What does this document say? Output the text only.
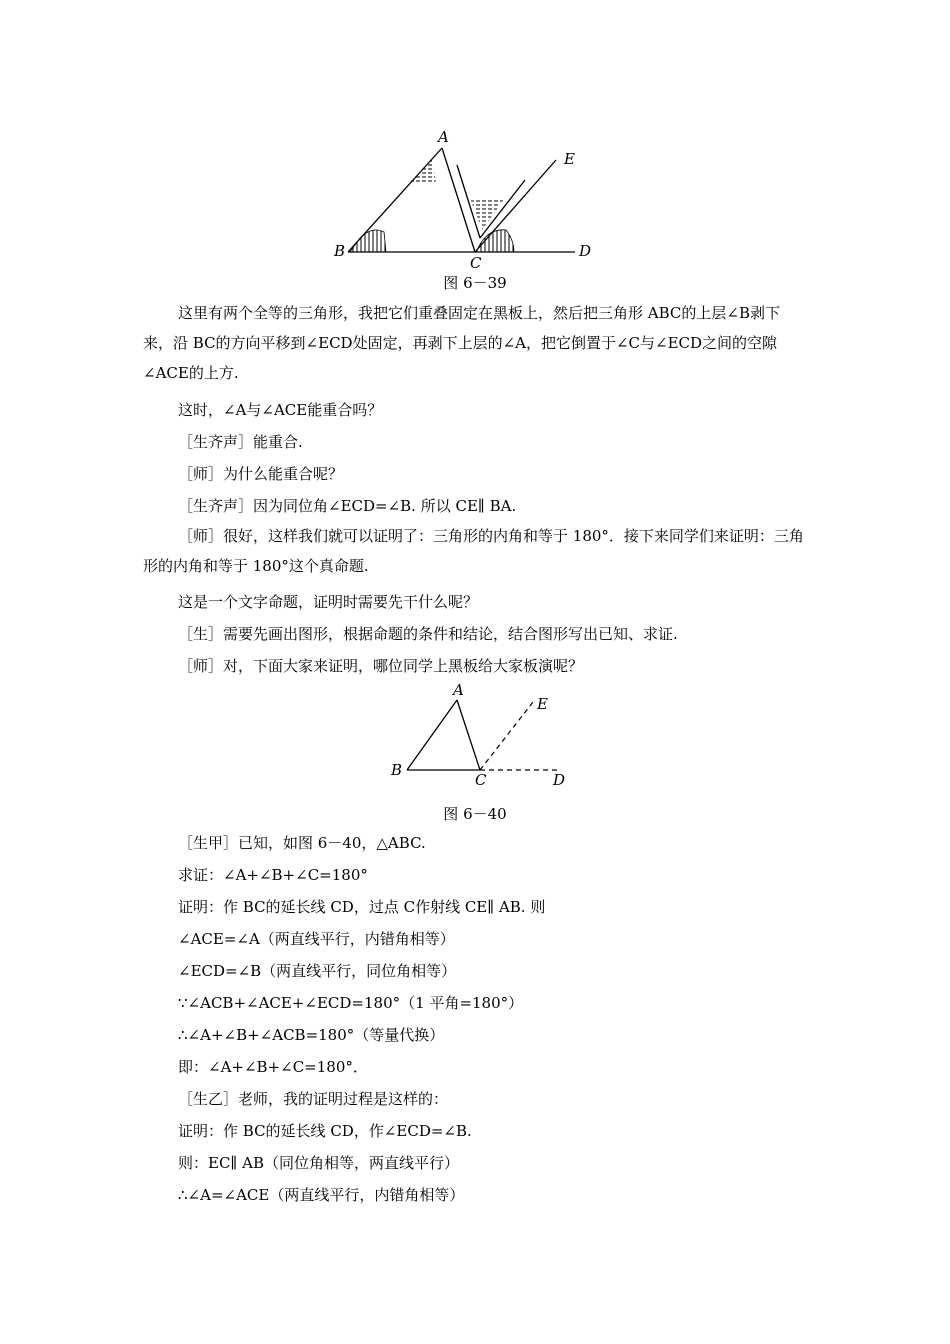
A
B
C
D
E
图 6－39
这里有两个全等的三角形，我把它们重叠固定在黑板上，然后把三角形 ABC的上层∠B剥下来，沿 BC的方向平移到∠ECD处固定，再剥下上层的∠A，把它倒置于∠C与∠ECD之间的空隙∠ACE的上方.
这时，∠A与∠ACE能重合吗？
［生齐声］能重合.
［师］为什么能重合呢？
［生齐声］因为同位角∠ECD=∠B. 所以 CE∥ BA.
［师］很好，这样我们就可以证明了：三角形的内角和等于 180°．接下来同学们来证明：三角形的内角和等于 180°这个真命题.
这是一个文字命题，证明时需要先干什么呢？
［生］需要先画出图形，根据命题的条件和结论，结合图形写出已知、求证.
［师］对，下面大家来证明，哪位同学上黑板给大家板演呢？
A
B
C	D
E
图 6－40
［生甲］已知，如图 6－40，△ABC.
求证：∠A+∠B+∠C=180°
证明：作 BC的延长线 CD，过点 C作射线 CE∥ AB. 则
∠ACE=∠A（两直线平行，内错角相等）
∠ECD=∠B（两直线平行，同位角相等）
∵∠ACB+∠ACE+∠ECD=180°（1 平角=180°）
∴∠A+∠B+∠ACB=180°（等量代换）
即：∠A+∠B+∠C=180°．
［生乙］老师，我的证明过程是这样的：
证明：作 BC的延长线 CD，作∠ECD=∠B.
则：EC∥ AB（同位角相等，两直线平行）
∴∠A=∠ACE（两直线平行，内错角相等）
